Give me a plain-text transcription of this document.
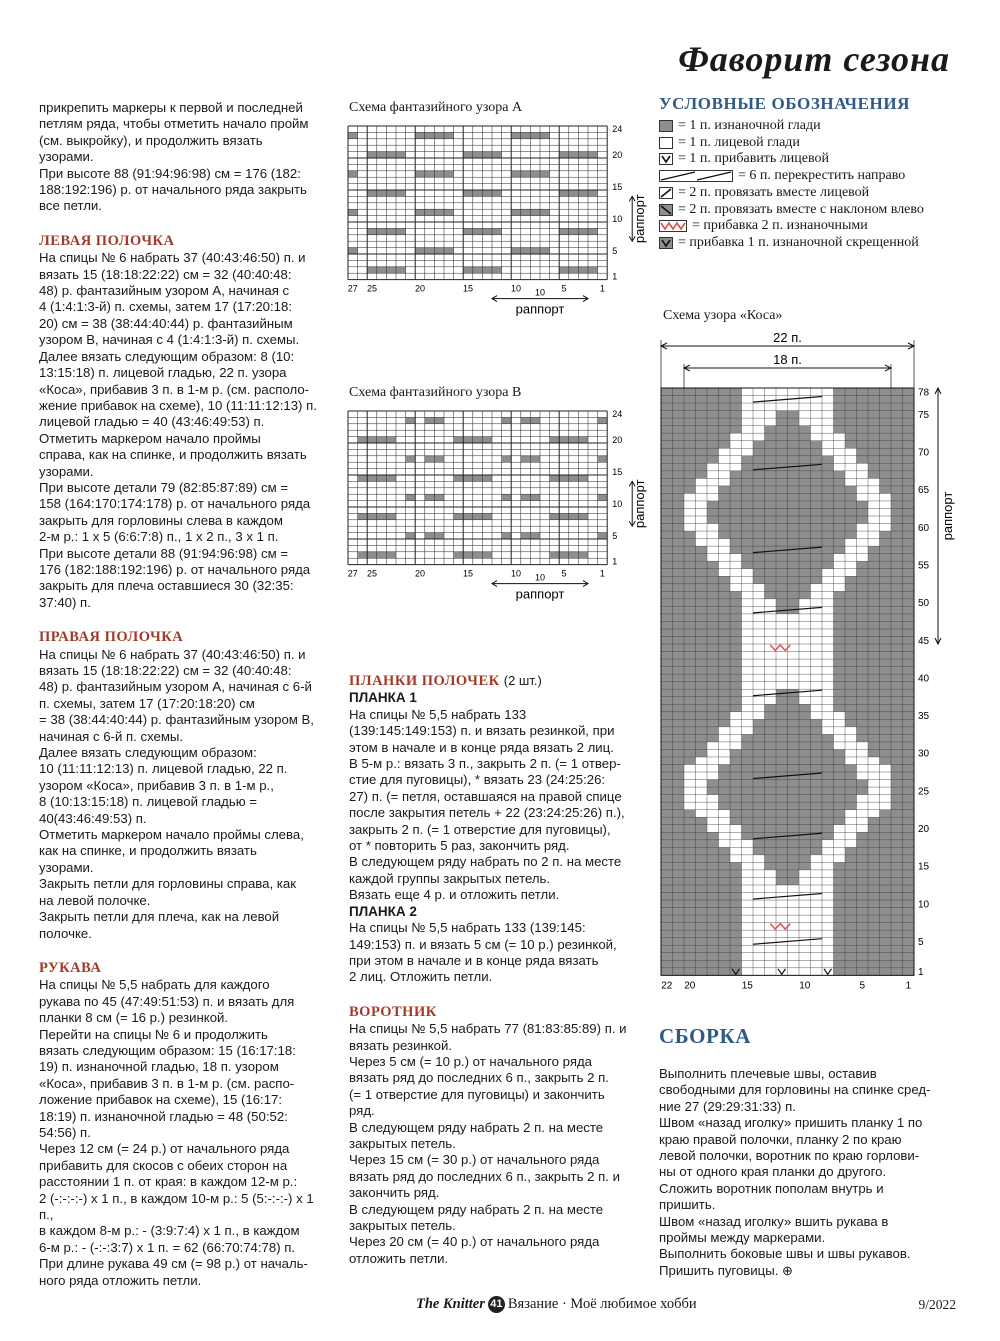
Фаворит сезона

прикрепить маркеры к первой и последней

петлям ряда, чтобы отметить начало пройм

(см. выкройку), и продолжить вязать

узорами.

При высоте 88 (91:94:96:98) см = 176 (182:

188:192:196) р. от начального ряда закрыть

все петли.

ЛЕВАЯ ПОЛОЧКА

На спицы № 6 набрать 37 (40:43:46:50) п. и

вязать 15 (18:18:22:22) см = 32 (40:40:48:

48) р. фантазийным узором А, начиная с

4 (1:4:1:3-й) п. схемы, затем 17 (17:20:18:

20) см = 38 (38:44:40:44) р. фантазийным

узором В, начиная с 4 (1:4:1:3-й) п. схемы.

Далее вязать следующим образом: 8 (10:

13:15:18) п. лицевой гладью, 22 п. узора

«Коса», прибавив 3 п. в 1-м р. (см. располо-

жение прибавок на схеме), 10 (11:11:12:13) п.

лицевой гладью = 40 (43:46:49:53) п.

Отметить маркером начало проймы

справа, как на спинке, и продолжить вязать

узорами.

При высоте детали 79 (82:85:87:89) см =

158 (164:170:174:178) р. от начального ряда

закрыть для горловины слева в каждом

2-м р.: 1 х 5 (6:6:7:8) п., 1 х 2 п., 3 х 1 п.

При высоте детали 88 (91:94:96:98) см =

176 (182:188:192:196) р. от начального ряда

закрыть для плеча оставшиеся 30 (32:35:

37:40) п.

ПРАВАЯ ПОЛОЧКА

На спицы № 6 набрать 37 (40:43:46:50) п. и

вязать 15 (18:18:22:22) см = 32 (40:40:48:

48) р. фантазийным узором А, начиная с 6-й

п. схемы, затем 17 (17:20:18:20) см

= 38 (38:44:40:44) р. фантазийным узором В,

начиная с 6-й п. схемы.

Далее вязать следующим образом:

10 (11:11:12:13) п. лицевой гладью, 22 п.

узором «Коса», прибавив 3 п. в 1-м р.,

8 (10:13:15:18) п. лицевой гладью =

40(43:46:49:53) п.

Отметить маркером начало проймы слева,

как на спинке, и продолжить вязать

узорами.

Закрыть петли для горловины справа, как

на левой полочке.

Закрыть петли для плеча, как на левой

полочке.

РУКАВА

На спицы № 5,5 набрать для каждого

рукава по 45 (47:49:51:53) п. и вязать для

планки 8 см (= 16 р.) резинкой.

Перейти на спицы № 6 и продолжить

вязать следующим образом: 15 (16:17:18:

19) п. изнаночной гладью, 18 п. узором

«Коса», прибавив 3 п. в 1-м р. (см. распо-

ложение прибавок на схеме), 15 (16:17:

18:19) п. изнаночной гладью = 48 (50:52:

54:56) п.

Через 12 см (= 24 р.) от начального ряда

прибавить для скосов с обеих сторон на

расстоянии 1 п. от края: в каждом 12-м р.:

2 (-:-:-:-) х 1 п., в каждом 10-м р.: 5 (5:-:-:-) х 1 п.,

в каждом 8-м р.: - (3:9:7:4) х 1 п., в каждом

6-м р.: - (-:-:3:7) х 1 п. = 62 (66:70:74:78) п.

При длине рукава 49 см (= 98 р.) от началь-

ного ряда отложить петли.

Схема фантазийного узора A
Схема фантазийного узора B
Схема узора «Коса»
27 25	20	15	10	5	1
24
20
15
10
5
1
10
раппорт
раппорт
27 25	20	15	10	5	1
24
20
15
10
5
1
10
раппорт
раппорт
22 п.
18 п.
22 20	15	10	5	1
78
75
70
65
60
55
50
45
40
35
30
25
20
15
10
5
1
раппорт
УСЛОВНЫЕ ОБОЗНАЧЕНИЯ
= 1 п. изнаночной глади
= 1 п. лицевой глади
= 1 п. прибавить лицевой
= 6 п. перекрестить направо
= 2 п. провязать вместе лицевой
= 2 п. провязать вместе с наклоном влево
= прибавка 2 п. изнаночными
= прибавка 1 п. изнаночной скрещенной
ПЛАНКИ ПОЛОЧЕК (2 шт.)

ПЛАНКА 1

На спицы № 5,5 набрать 133

(139:145:149:153) п. и вязать резинкой, при

этом в начале и в конце ряда вязать 2 лиц.

В 5-м р.: вязать 3 п., закрыть 2 п. (= 1 отвер-

стие для пуговицы), * вязать 23 (24:25:26:

27) п. (= петля, оставшаяся на правой спице

после закрытия петель + 22 (23:24:25:26) п.),

закрыть 2 п. (= 1 отверстие для пуговицы),

от * повторить 5 раз, закончить ряд.

В следующем ряду набрать по 2 п. на месте

каждой группы закрытых петель.

Вязать еще 4 р. и отложить петли.

ПЛАНКА 2

На спицы № 5,5 набрать 133 (139:145:

149:153) п. и вязать 5 см (= 10 р.) резинкой,

при этом в начале и в конце ряда вязать

2 лиц. Отложить петли.

ВОРОТНИК

На спицы № 5,5 набрать 77 (81:83:85:89) п. и

вязать резинкой.

Через 5 см (= 10 р.) от начального ряда

вязать ряд до последних 6 п., закрыть 2 п.

(= 1 отверстие для пуговицы) и закончить

ряд.

В следующем ряду набрать 2 п. на месте

закрытых петель.

Через 15 см (= 30 р.) от начального ряда

вязать ряд до последних 6 п., закрыть 2 п. и

закончить ряд.

В следующем ряду набрать 2 п. на месте

закрытых петель.

Через 20 см (= 40 р.) от начального ряда

отложить петли.

СБОРКА

Выполнить плечевые швы, оставив

свободными для горловины на спинке сред-

ние 27 (29:29:31:33) п.

Швом «назад иголку» пришить планку 1 по

краю правой полочки, планку 2 по краю

левой полочки, воротник по краю горлови-

ны от одного края планки до другого.

Сложить воротник пополам внутрь и

пришить.

Швом «назад иголку» вшить рукава в

проймы между маркерами.

Выполнить боковые швы и швы рукавов.

Пришить пуговицы. ⊕

The Knitter 41 Вязание · Моё любимое хобби	9/2022
